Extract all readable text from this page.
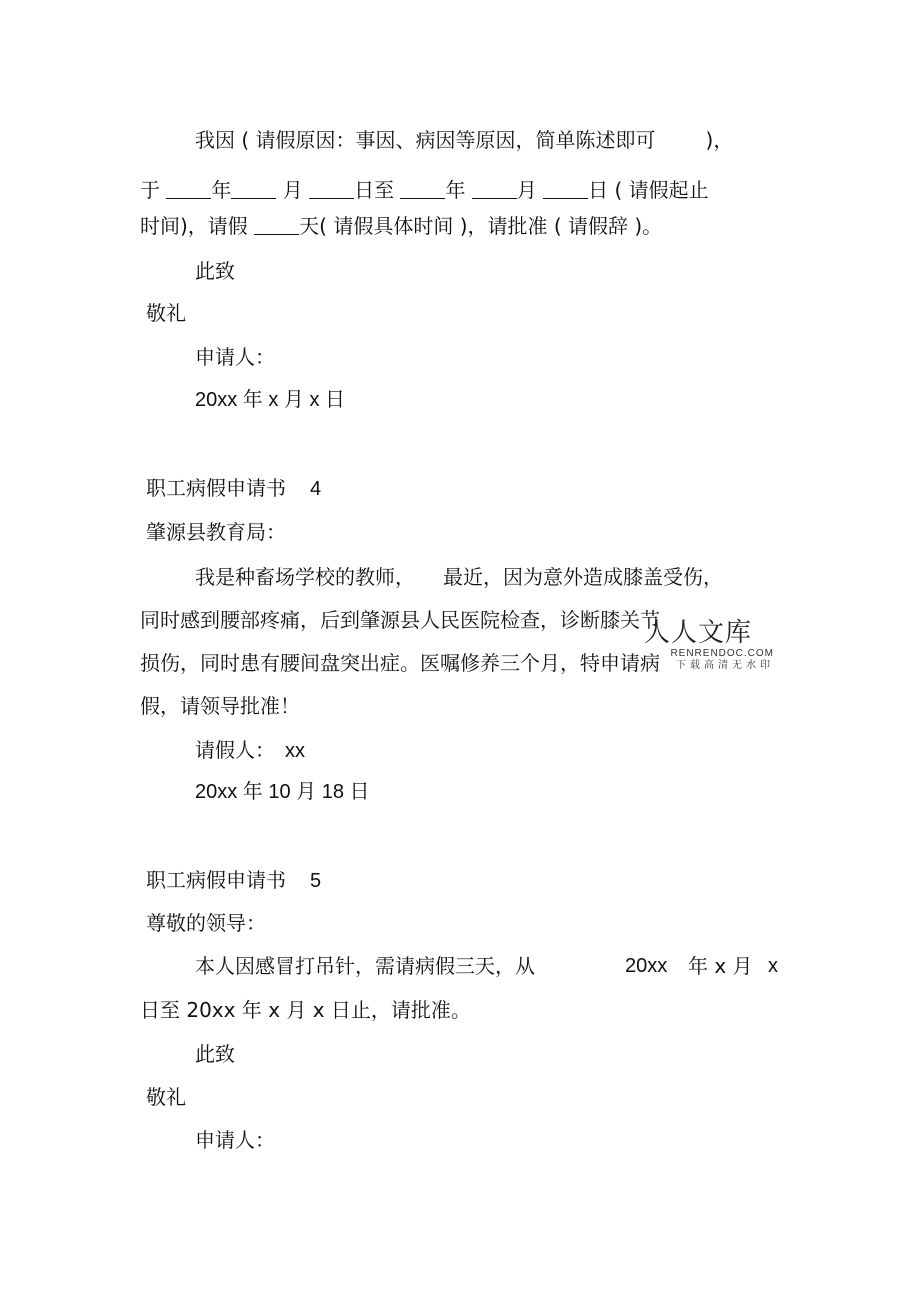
我因 ( 请假原因：事因、病因等原因，简单陈述即可	)，
于	年	月	日至	年	月	日 ( 请假起止
时间)，请假	天( 请假具体时间 )，请批准 ( 请假辞 )。
此致
敬礼
申请人：
20xx 年 x 月 x 日
职工病假申请书 4
肇源县教育局：
我是种畜场学校的教师， 最近，因为意外造成膝盖受伤，
同时感到腰部疼痛，后到肇源县人民医院检查，诊断膝关节
损伤，同时患有腰间盘突出症。医嘱修养三个月，特申请病
假，请领导批准！
请假人： xx
20xx 年 10 月 18 日
职工病假申请书 5
尊敬的领导：
本人因感冒打吊针，需请病假三天，从	20xx 年 x 月 x
日至 20xx 年 x 月 x 日止，请批准。
此致
敬礼
申请人：
人人文库
RENRENDOC.COM
下载高清无水印
